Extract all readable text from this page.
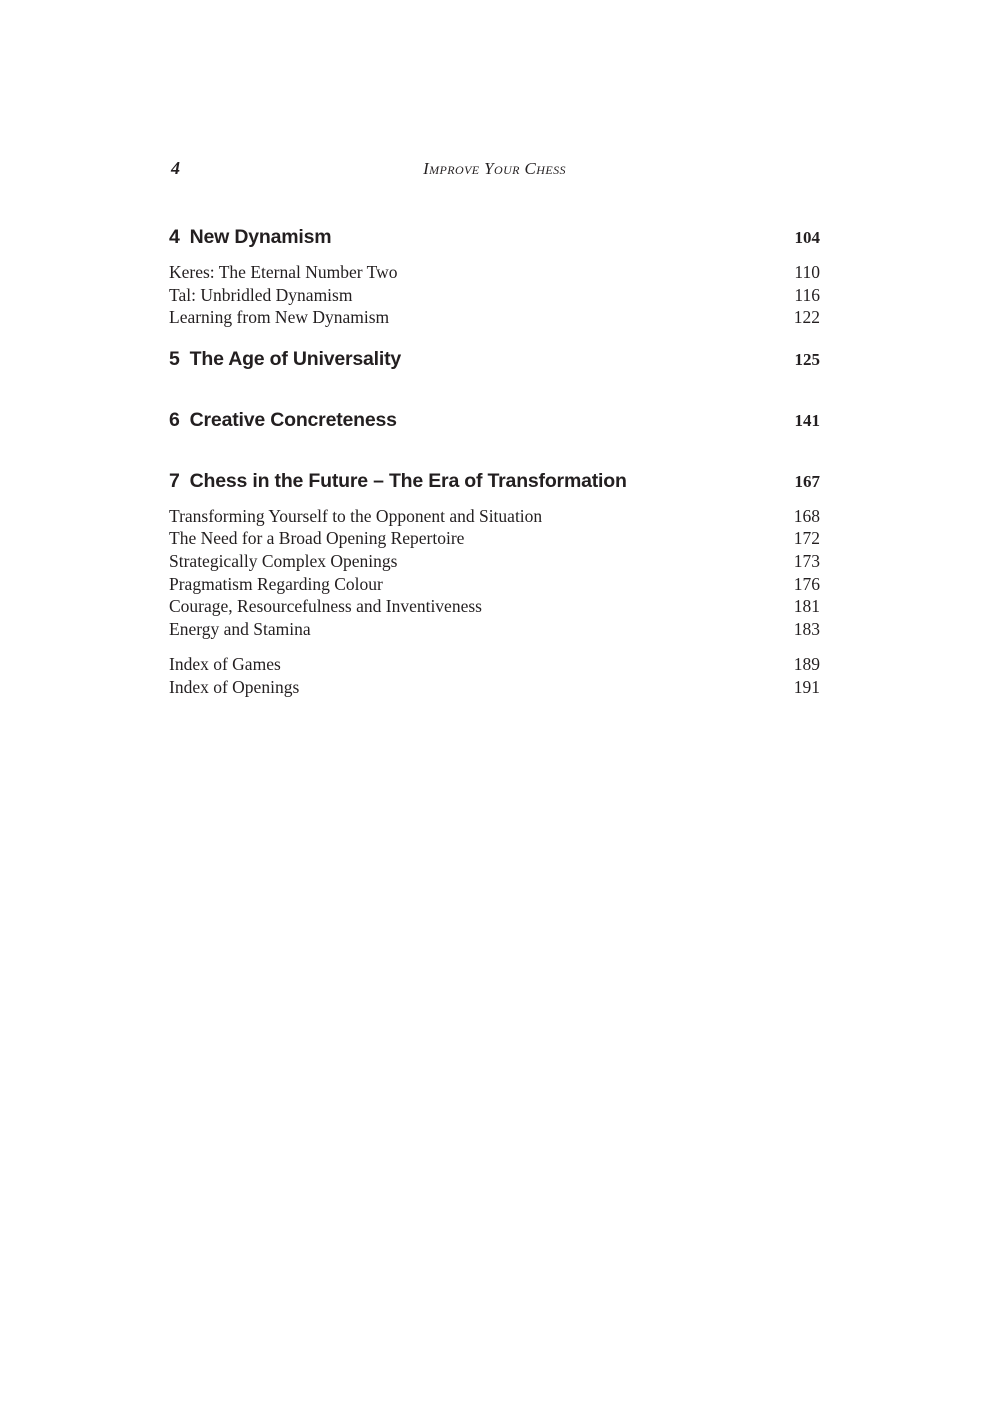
4	Improve Your Chess
4 New Dynamism	104
Keres: The Eternal Number Two	110
Tal: Unbridled Dynamism	116
Learning from New Dynamism	122
5 The Age of Universality	125
6 Creative Concreteness	141
7 Chess in the Future – The Era of Transformation	167
Transforming Yourself to the Opponent and Situation	168
The Need for a Broad Opening Repertoire	172
Strategically Complex Openings	173
Pragmatism Regarding Colour	176
Courage, Resourcefulness and Inventiveness	181
Energy and Stamina	183
Index of Games	189
Index of Openings	191
